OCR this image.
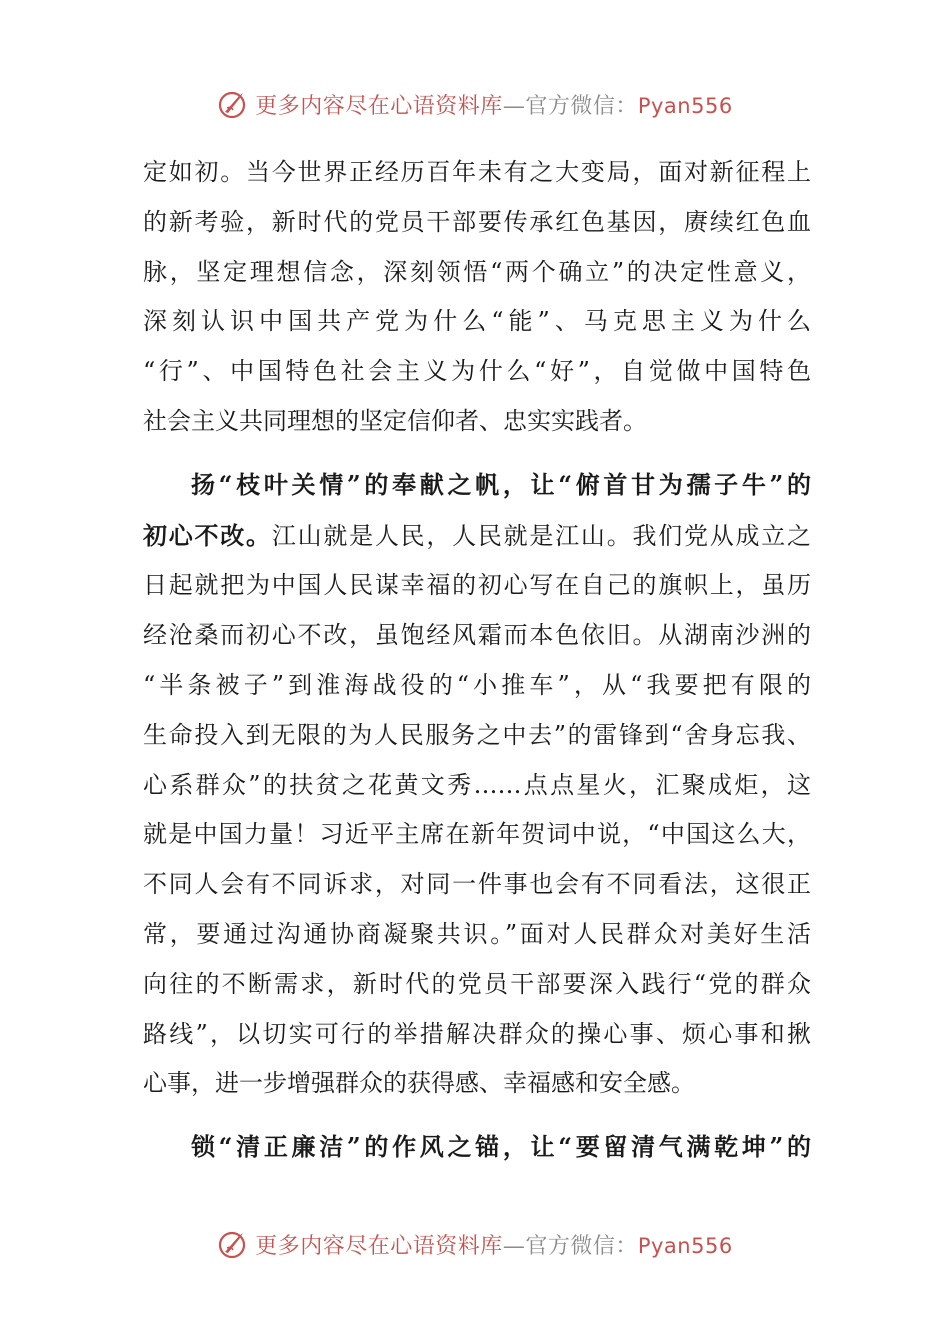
更多内容尽在心语资料库—官方微信：Pyan556

定如初。当今世界正经历百年未有之大变局，面对新征程上
的新考验，新时代的党员干部要传承红色基因，赓续红色血
脉，坚定理想信念，深刻领悟“两个确立”的决定性意义，
深刻认识中国共产党为什么“能”、马克思主义为什么
“行”、中国特色社会主义为什么“好”，自觉做中国特色
社会主义共同理想的坚定信仰者、忠实实践者。

扬“枝叶关情”的奉献之帆，让“俯首甘为孺子牛”的
初心不改。江山就是人民，人民就是江山。我们党从成立之
日起就把为中国人民谋幸福的初心写在自己的旗帜上，虽历
经沧桑而初心不改，虽饱经风霜而本色依旧。从湖南沙洲的
“半条被子”到淮海战役的“小推车”，从“我要把有限的
生命投入到无限的为人民服务之中去”的雷锋到“舍身忘我、
心系群众”的扶贫之花黄文秀……点点星火，汇聚成炬，这
就是中国力量！习近平主席在新年贺词中说，“中国这么大，
不同人会有不同诉求，对同一件事也会有不同看法，这很正
常，要通过沟通协商凝聚共识。”面对人民群众对美好生活
向往的不断需求，新时代的党员干部要深入践行“党的群众
路线”，以切实可行的举措解决群众的操心事、烦心事和揪
心事，进一步增强群众的获得感、幸福感和安全感。

锁“清正廉洁”的作风之锚，让“要留清气满乾坤”的

更多内容尽在心语资料库—官方微信：Pyan556
